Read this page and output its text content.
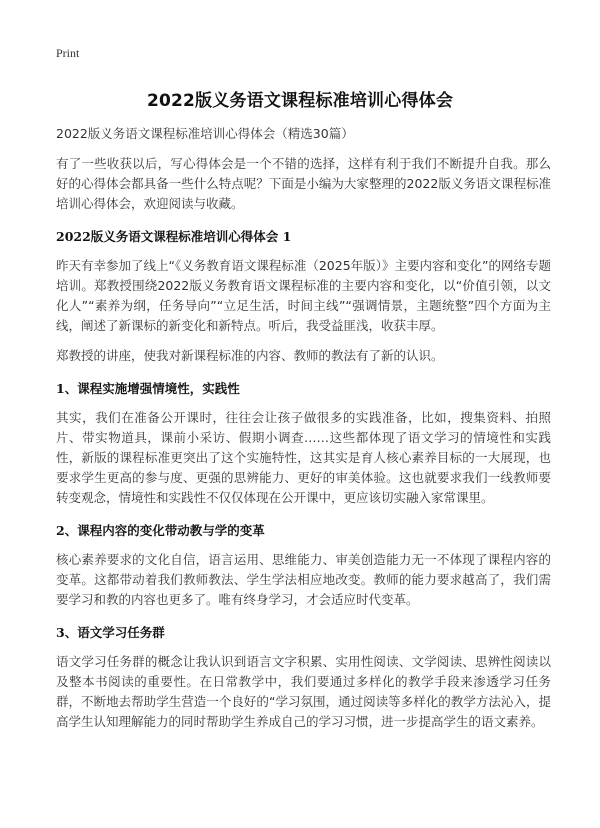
Print
2022版义务语文课程标准培训心得体会
2022版义务语文课程标准培训心得体会（精选30篇）

有了一些收获以后，写心得体会是一个不错的选择，这样有利于我们不断提升自我。那么好的心得体会都具备一些什么特点呢？下面是小编为大家整理的2022版义务语文课程标准培训心得体会，欢迎阅读与收藏。

2022版义务语文课程标准培训心得体会 1

昨天有幸参加了线上“《义务教育语文课程标准（2025年版）》主要内容和变化”的网络专题培训。郑教授围绕2022版义务教育语文课程标准的主要内容和变化，以“价值引领，以文化人”“素养为纲，任务导向”“立足生活，时间主线”“强调情景，主题统整”四个方面为主线，阐述了新课标的新变化和新特点。听后，我受益匪浅，收获丰厚。

郑教授的讲座，使我对新课程标准的内容、教师的教法有了新的认识。

1、课程实施增强情境性，实践性

其实，我们在准备公开课时，往往会让孩子做很多的实践准备，比如，搜集资料、拍照片、带实物道具，课前小采访、假期小调查……这些都体现了语文学习的情境性和实践性，新版的课程标准更突出了这个实施特性，这其实是育人核心素养目标的一大展现，也要求学生更高的参与度、更强的思辨能力、更好的审美体验。这也就要求我们一线教师要转变观念，情境性和实践性不仅仅体现在公开课中，更应该切实融入家常课里。

2、课程内容的变化带动教与学的变革

核心素养要求的文化自信，语言运用、思维能力、审美创造能力无一不体现了课程内容的变革。这都带动着我们教师教法、学生学法相应地改变。教师的能力要求越高了，我们需要学习和教的内容也更多了。唯有终身学习，才会适应时代变革。

3、语文学习任务群

语文学习任务群的概念让我认识到语言文字积累、实用性阅读、文学阅读、思辨性阅读以及整本书阅读的重要性。在日常教学中，我们要通过多样化的教学手段来渗透学习任务群，不断地去帮助学生营造一个良好的“学习氛围，通过阅读等多样化的教学方法沁入，提高学生认知理解能力的同时帮助学生养成自己的学习习惯，进一步提高学生的语文素养。
